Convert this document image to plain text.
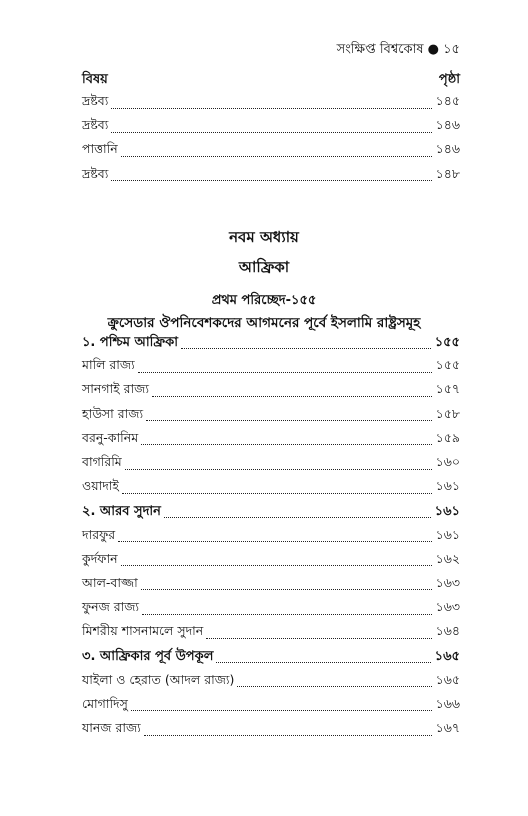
সংক্ষিপ্ত বিশ্বকোষ ● ১৫
বিষয়	পৃষ্ঠা
দ্রষ্টব্য	১৪৫
দ্রষ্টব্য	১৪৬
পাত্তানি	১৪৬
দ্রষ্টব্য	১৪৮
নবম অধ্যায়
আফ্রিকা
প্রথম পরিচ্ছেদ-১৫৫
ক্রুসেডার ঔপনিবেশকদের আগমনের পূর্বে ইসলামি রাষ্ট্রসমূহ
১. পশ্চিম আফ্রিকা	১৫৫
মালি রাজ্য	১৫৫
সানগাই রাজ্য	১৫৭
হাউসা রাজ্য	১৫৮
বরনু-কানিম	১৫৯
বাগরিমি	১৬০
ওয়াদাই	১৬১
২. আরব সুদান	১৬১
দারফুর	১৬১
কুর্দফান	১৬২
আল-বাজ্জা	১৬৩
ফুনজ রাজ্য	১৬৩
মিশরীয় শাসনামলে সুদান	১৬৪
৩. আফ্রিকার পূর্ব উপকূল	১৬৫
যাইলা ও হেরাত (আদল রাজ্য)	১৬৫
মোগাদিসু	১৬৬
যানজ রাজ্য	১৬৭
